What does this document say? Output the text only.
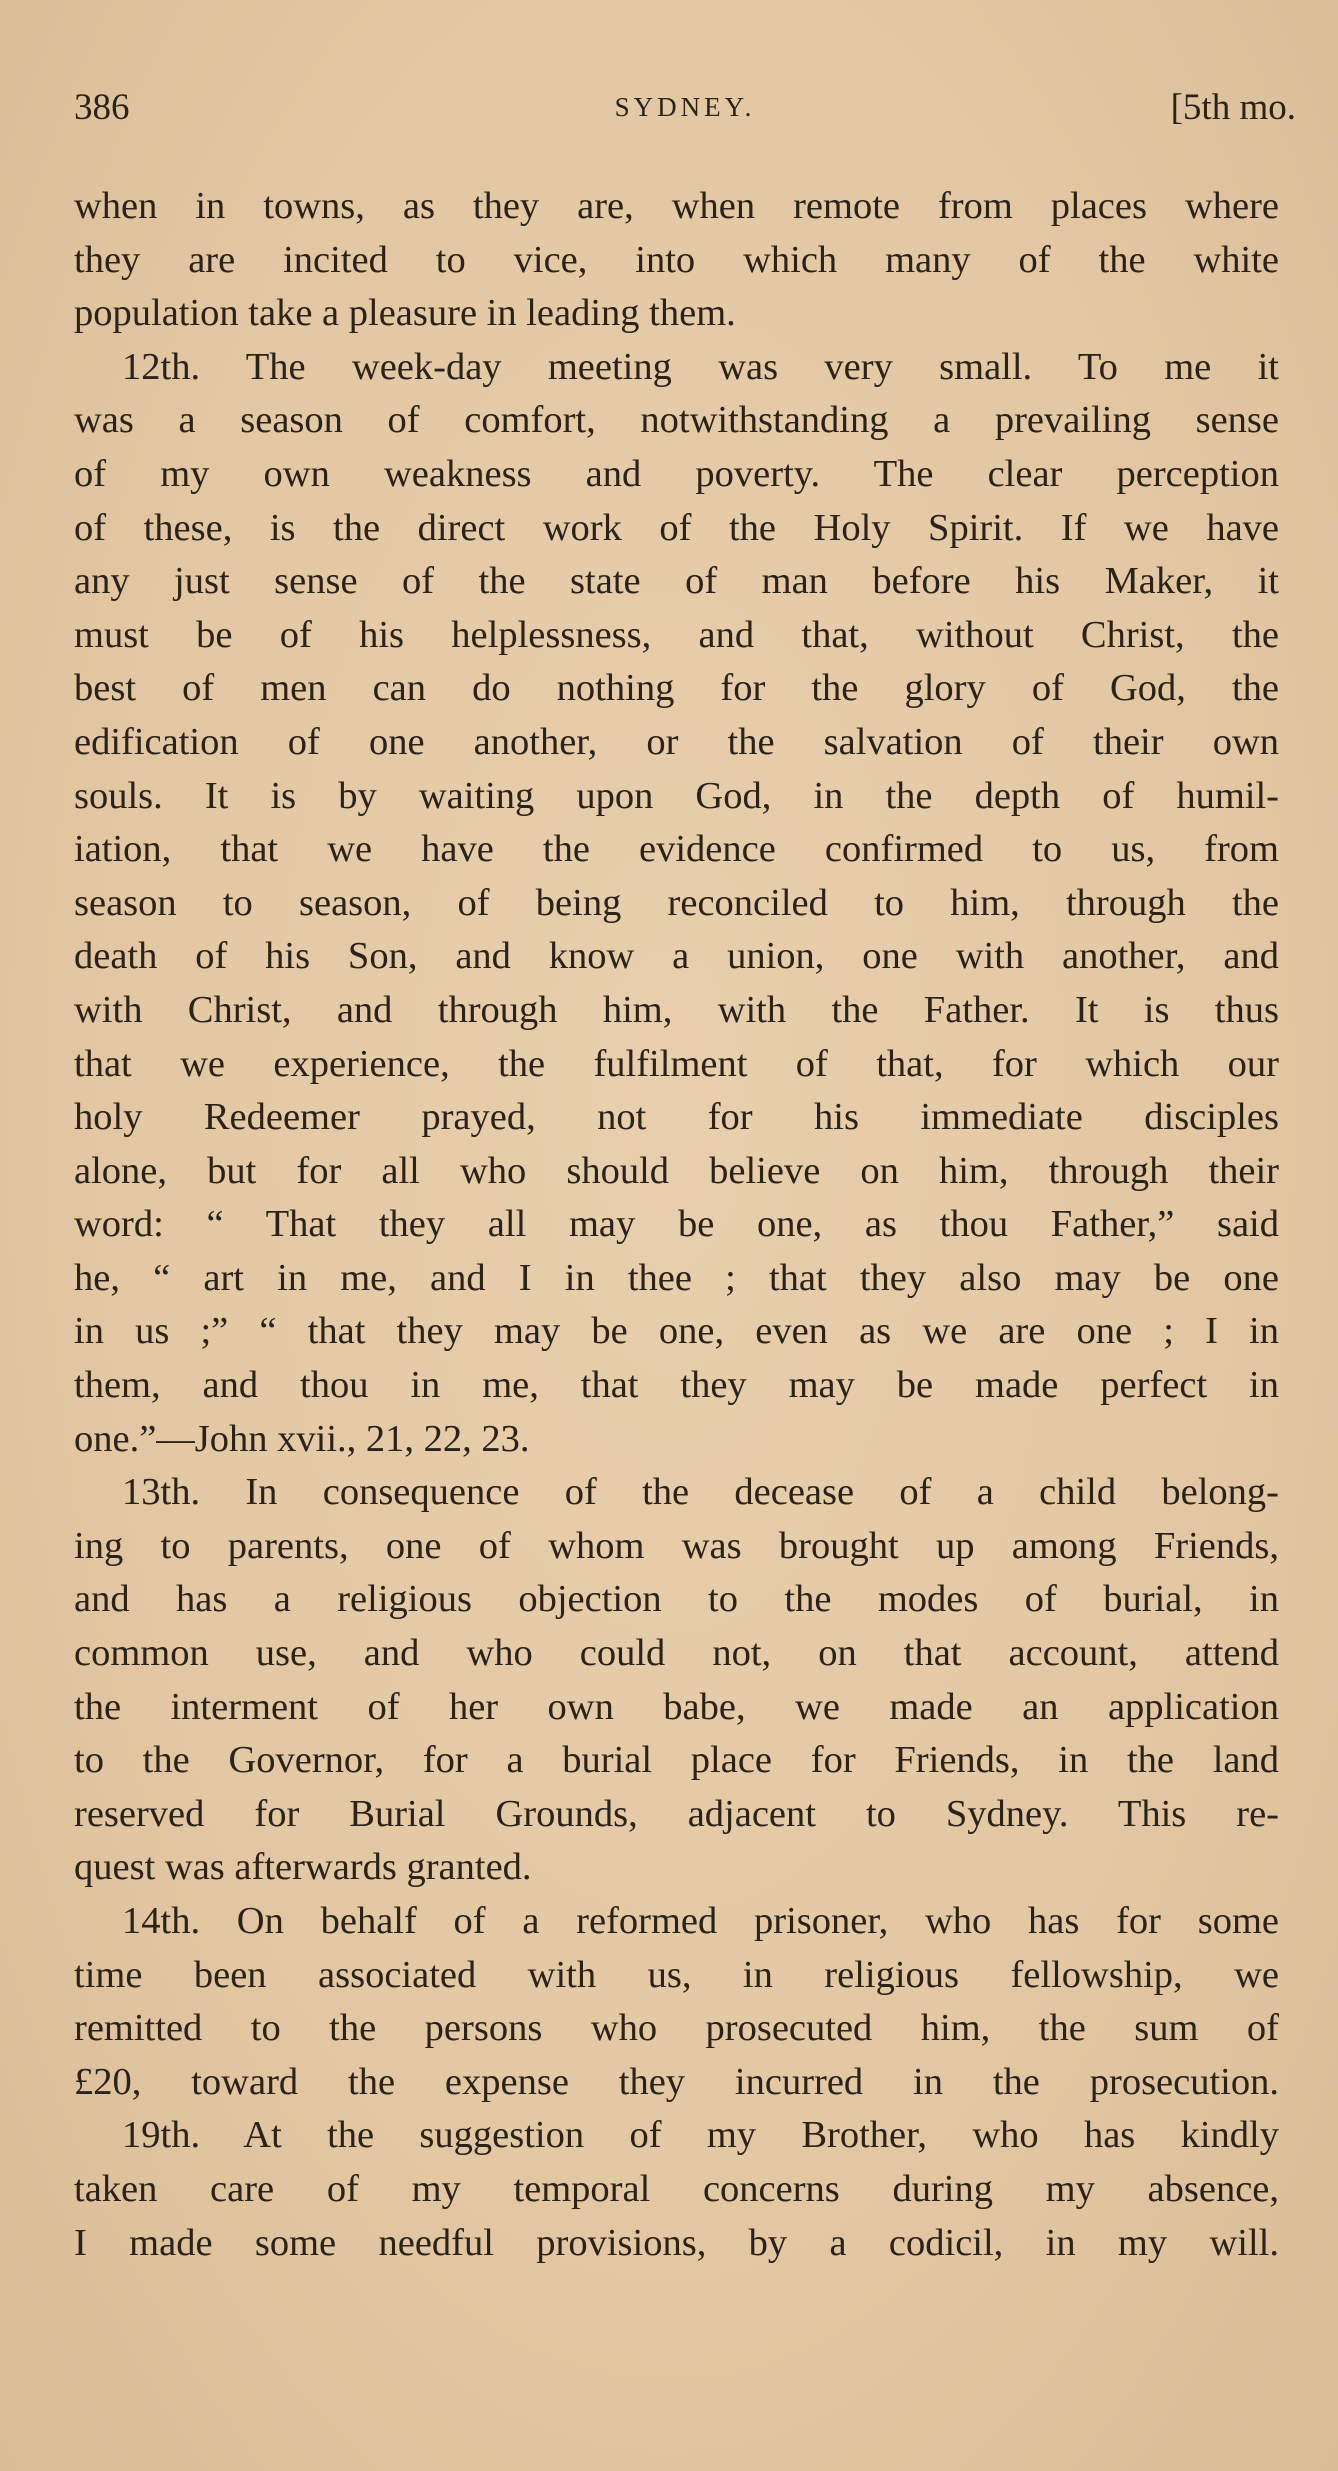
386	SYDNEY.	[5th mo.
when in towns, as they are, when remote from places where
they are incited to vice, into which many of the white
population take a pleasure in leading them.
12th. The week-day meeting was very small. To me it
was a season of comfort, notwithstanding a prevailing sense
of my own weakness and poverty. The clear perception
of these, is the direct work of the Holy Spirit. If we have
any just sense of the state of man before his Maker, it
must be of his helplessness, and that, without Christ, the
best of men can do nothing for the glory of God, the
edification of one another, or the salvation of their own
souls. It is by waiting upon God, in the depth of humil-
iation, that we have the evidence confirmed to us, from
season to season, of being reconciled to him, through the
death of his Son, and know a union, one with another, and
with Christ, and through him, with the Father. It is thus
that we experience, the fulfilment of that, for which our
holy Redeemer prayed, not for his immediate disciples
alone, but for all who should believe on him, through their
word: “ That they all may be one, as thou Father,” said
he, “ art in me, and I in thee ; that they also may be one
in us ;” “ that they may be one, even as we are one ; I in
them, and thou in me, that they may be made perfect in
one.”—John xvii., 21, 22, 23.
13th. In consequence of the decease of a child belong-
ing to parents, one of whom was brought up among Friends,
and has a religious objection to the modes of burial, in
common use, and who could not, on that account, attend
the interment of her own babe, we made an application
to the Governor, for a burial place for Friends, in the land
reserved for Burial Grounds, adjacent to Sydney. This re-
quest was afterwards granted.
14th. On behalf of a reformed prisoner, who has for some
time been associated with us, in religious fellowship, we
remitted to the persons who prosecuted him, the sum of
£20, toward the expense they incurred in the prosecution.
19th. At the suggestion of my Brother, who has kindly
taken care of my temporal concerns during my absence,
I made some needful provisions, by a codicil, in my will.
